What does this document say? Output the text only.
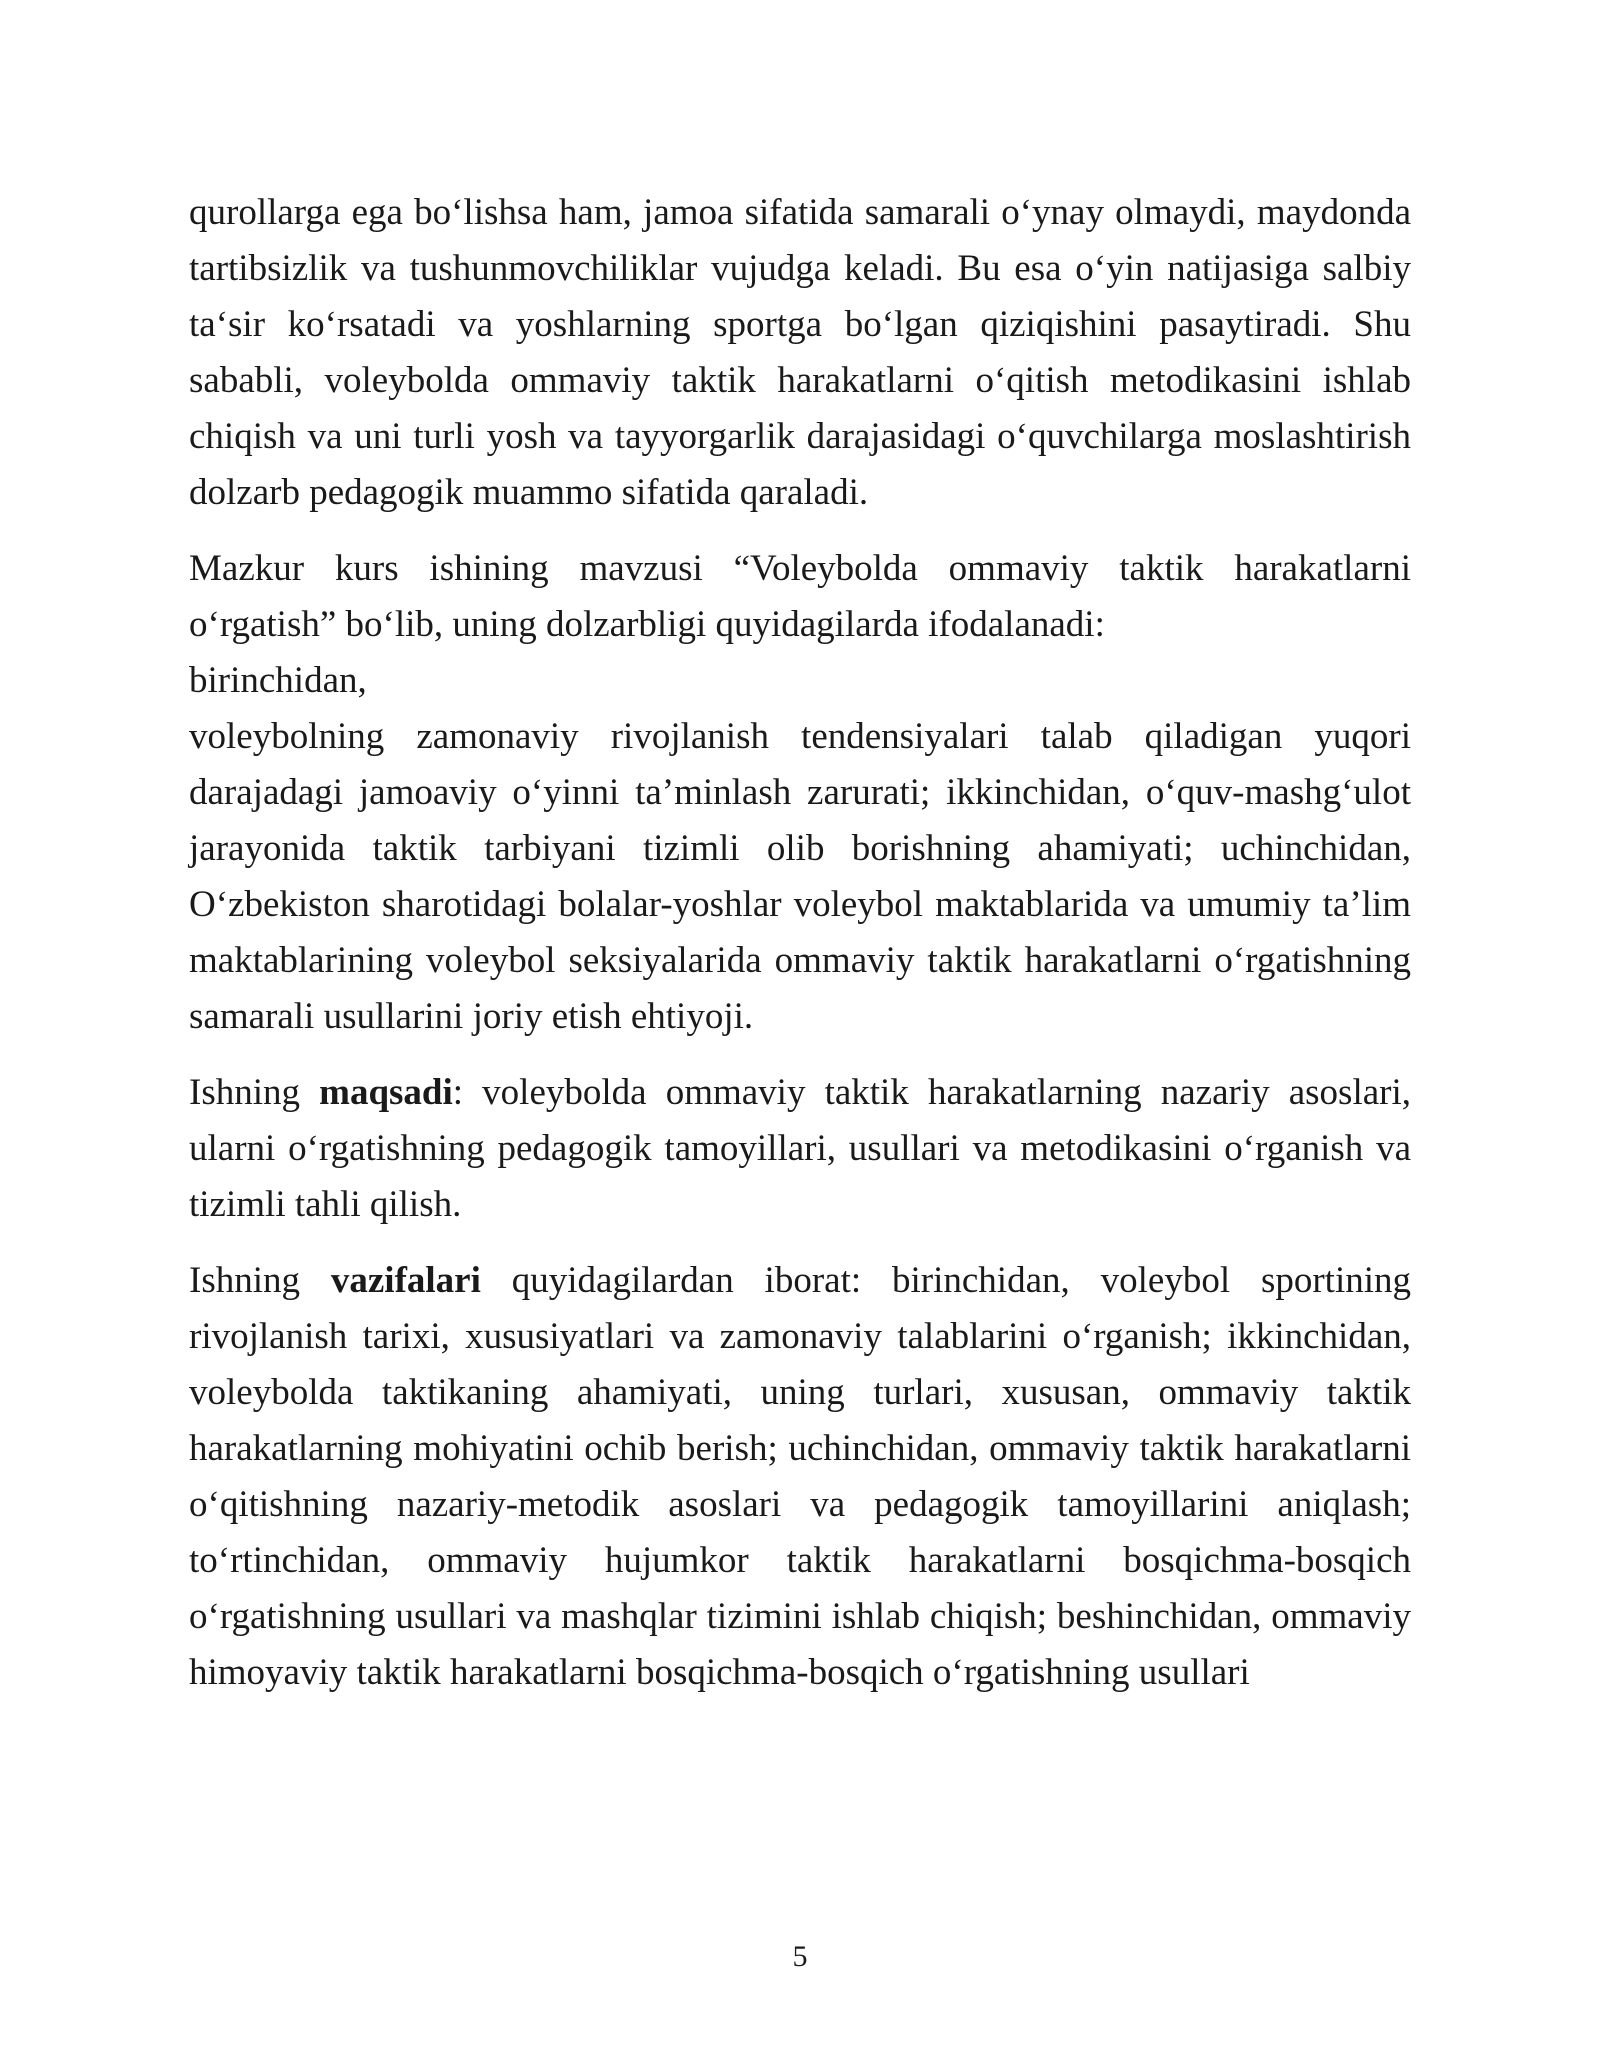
qurollarga ega bo‘lishsa ham, jamoa sifatida samarali o‘ynay olmaydi, maydonda tartibsizlik va tushunmovchiliklar vujudga keladi. Bu esa o‘yin natijasiga salbiy ta‘sir ko‘rsatadi va yoshlarning sportga bo‘lgan qiziqishini pasaytiradi. Shu sababli, voleybolda ommaviy taktik harakatlarni o‘qitish metodikasini ishlab chiqish va uni turli yosh va tayyorgarlik darajasidagi o‘quvchilarga moslashtirish dolzarb pedagogik muammo sifatida qaraladi.

Mazkur kurs ishining mavzusi “Voleybolda ommaviy taktik harakatlarni o‘rgatish” bo‘lib, uning dolzarbligi quyidagilarda ifodalanadi:

birinchidan,

voleybolning zamonaviy rivojlanish tendensiyalari talab qiladigan yuqori darajadagi jamoaviy o‘yinni ta’minlash zarurati; ikkinchidan, o‘quv-mashg‘ulot jarayonida taktik tarbiyani tizimli olib borishning ahamiyati; uchinchidan, O‘zbekiston sharotidagi bolalar-yoshlar voleybol maktablarida va umumiy ta’lim maktablarining voleybol seksiyalarida ommaviy taktik harakatlarni o‘rgatishning samarali usullarini joriy etish ehtiyoji.

Ishning maqsadi: voleybolda ommaviy taktik harakatlarning nazariy asoslari, ularni o‘rgatishning pedagogik tamoyillari, usullari va metodikasini o‘rganish va tizimli tahli qilish.

Ishning vazifalari quyidagilardan iborat: birinchidan, voleybol sportining rivojlanish tarixi, xususiyatlari va zamonaviy talablarini o‘rganish; ikkinchidan, voleybolda taktikaning ahamiyati, uning turlari, xususan, ommaviy taktik harakatlarning mohiyatini ochib berish; uchinchidan, ommaviy taktik harakatlarni o‘qitishning nazariy-metodik asoslari va pedagogik tamoyillarini aniqlash; to‘rtinchidan, ommaviy hujumkor taktik harakatlarni bosqichma-bosqich o‘rgatishning usullari va mashqlar tizimini ishlab chiqish; beshinchidan, ommaviy himoyaviy taktik harakatlarni bosqichma-bosqich o‘rgatishning usullari

5
